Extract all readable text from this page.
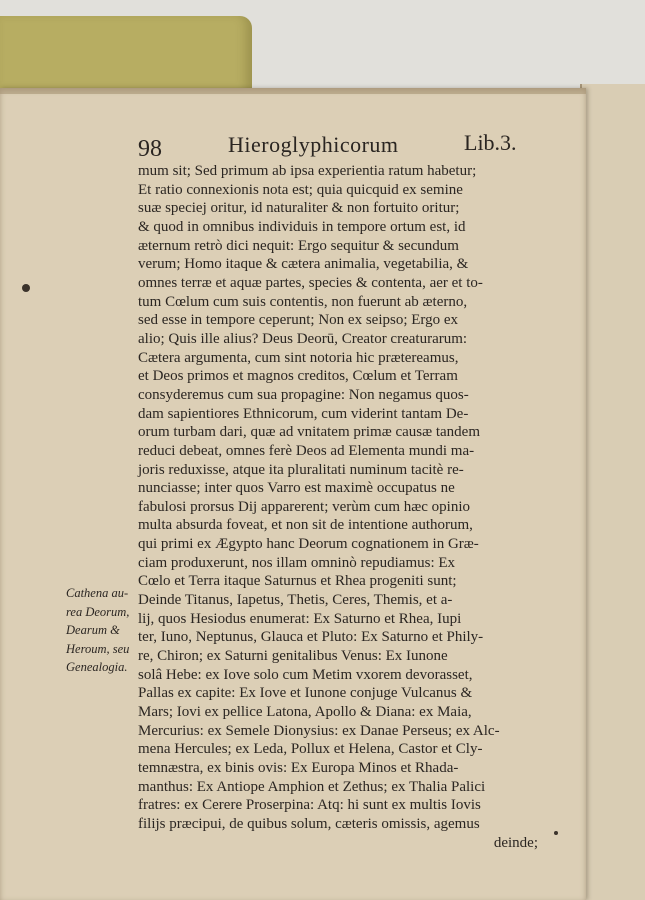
98	Hieroglyphicorum	Lib.3.
mum sit; Sed primum ab ipsa experientia ratum habetur;
Et ratio connexionis nota est; quia quicquid ex semine
suæ speciej oritur, id naturaliter & non fortuito oritur;
& quod in omnibus individuis in tempore ortum est, id
æternum retrò dici nequit: Ergo sequitur & secundum
verum; Homo itaque & cætera animalia, vegetabilia, &
omnes terræ et aquæ partes, species & contenta, aer et to-
tum Cœlum cum suis contentis, non fuerunt ab æterno,
sed esse in tempore ceperunt; Non ex seipso; Ergo ex
alio; Quis ille alius? Deus Deorū, Creator creaturarum:
Cætera argumenta, cum sint notoria hic prætereamus,
et Deos primos et magnos creditos, Cœlum et Terram
consyderemus cum sua propagine: Non negamus quos-
dam sapientiores Ethnicorum, cum viderint tantam De-
orum turbam dari, quæ ad vnitatem primæ causæ tandem
reduci debeat, omnes ferè Deos ad Elementa mundi ma-
joris reduxisse, atque ita pluralitati numinum tacitè re-
nunciasse; inter quos Varro est maximè occupatus ne
fabulosi prorsus Dij apparerent; verùm cum hæc opinio
multa absurda foveat, et non sit de intentione authorum,
qui primi ex Ægypto hanc Deorum cognationem in Græ-
ciam produxerunt, nos illam omninò repudiamus: Ex
Cœlo et Terra itaque Saturnus et Rhea progeniti sunt;
Deinde Titanus, Iapetus, Thetis, Ceres, Themis, et a-
lij, quos Hesiodus enumerat: Ex Saturno et Rhea, Iupi
ter, Iuno, Neptunus, Glauca et Pluto: Ex Saturno et Phily-
re, Chiron; ex Saturni genitalibus Venus: Ex Iunone
solâ Hebe: ex Iove solo cum Metim vxorem devorasset,
Pallas ex capite: Ex Iove et Iunone conjuge Vulcanus &
Mars; Iovi ex pellice Latona, Apollo & Diana: ex Maia,
Mercurius: ex Semele Dionysius: ex Danae Perseus; ex Alc-
mena Hercules; ex Leda, Pollux et Helena, Castor et Cly-
temnæstra, ex binis ovis: Ex Europa Minos et Rhada-
manthus: Ex Antiope Amphion et Zethus; ex Thalia Palici
fratres: ex Cerere Proserpina: Atq: hi sunt ex multis Iovis
filijs præcipui, de quibus solum, cæteris omissis, agemus
deinde;
Cathena au-
rea Deorum,
Dearum &
Heroum, seu
Genealogia.
